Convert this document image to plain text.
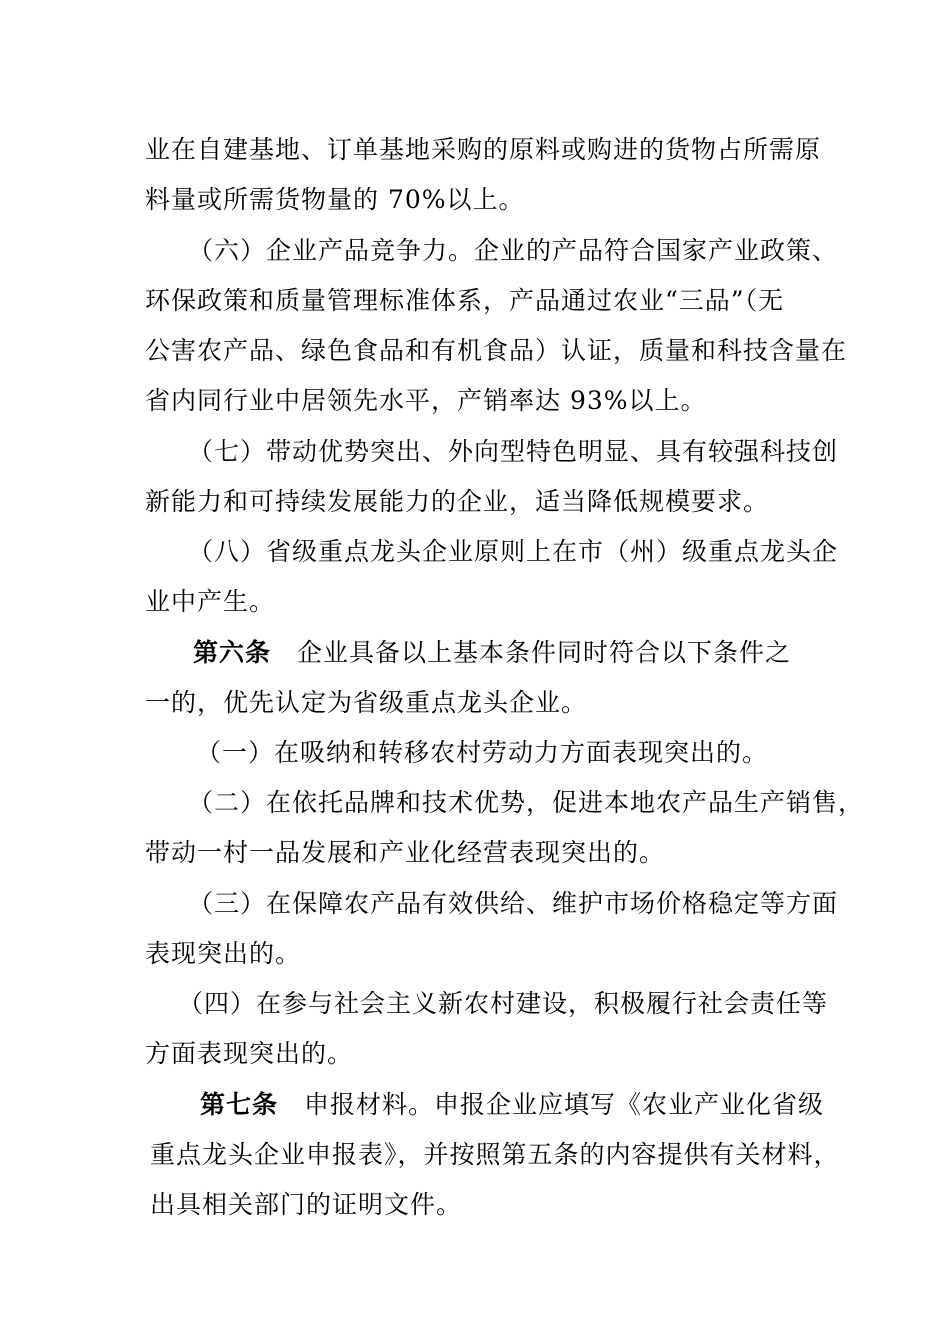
业在自建基地、订单基地采购的原料或购进的货物占所需原
料量或所需货物量的 70%以上。
（六）企业产品竞争力。企业的产品符合国家产业政策、
环保政策和质量管理标准体系，产品通过农业“三品”（无
公害农产品、绿色食品和有机食品）认证，质量和科技含量在
省内同行业中居领先水平，产销率达 93%以上。
（七）带动优势突出、外向型特色明显、具有较强科技创
新能力和可持续发展能力的企业，适当降低规模要求。
（八）省级重点龙头企业原则上在市（州）级重点龙头企
业中产生。
第六条 企业具备以上基本条件同时符合以下条件之
一的，优先认定为省级重点龙头企业。
（一）在吸纳和转移农村劳动力方面表现突出的。
（二）在依托品牌和技术优势，促进本地农产品生产销售，
带动一村一品发展和产业化经营表现突出的。
（三）在保障农产品有效供给、维护市场价格稳定等方面
表现突出的。
（四）在参与社会主义新农村建设，积极履行社会责任等
方面表现突出的。
第七条 申报材料。申报企业应填写《农业产业化省级
重点龙头企业申报表》，并按照第五条的内容提供有关材料，
出具相关部门的证明文件。
